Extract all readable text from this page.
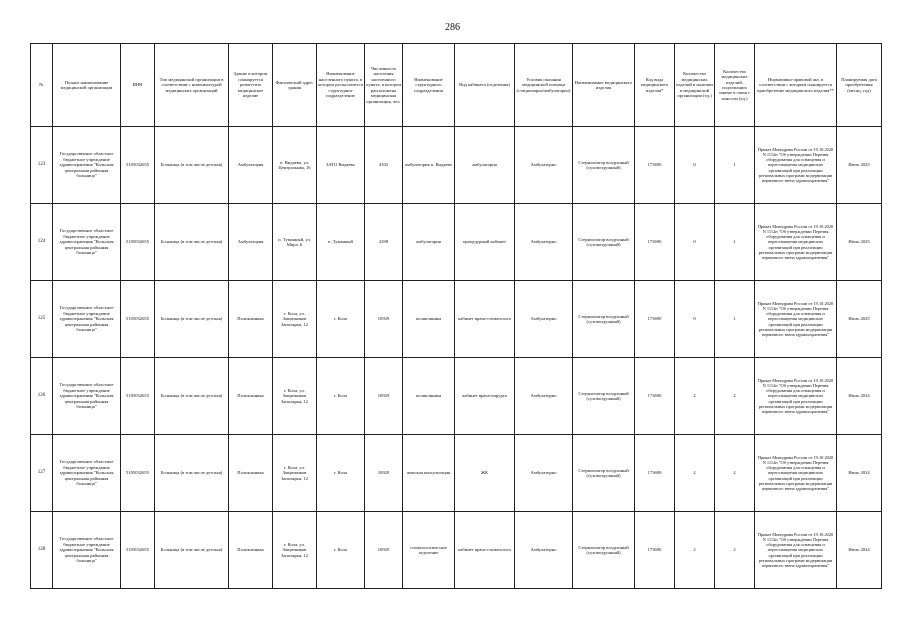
286
№	Полное наименование медицинской организации	ИНН	Тип медицинской организации в соответствии с номенклатурой медицинских организаций	Здание в котором планируется разместить медицинское изделие	Фактический адрес здания	Наименование населенного пункта, в котором располагается структурное подразделение	Численность населения населенного пункта, в котором расположена медицинская организация, чел.	Наименование структурного подразделения	Вид кабинета (отделения)	Условия оказания медицинской помощи (стационарно/амбулаторно)	Наименование медицинского изделия	Код вида медицинского изделия*	Количество медицинских изделий в наличии в медицинской организации (ед.)	Количество медицинских изделий, подлежащих замене в связи с износом (ед.)	Нормативно-правовой акт, в соответствии с которым планируется приобретение медицинского изделия**	Планируемая дата приобретения (месяц, год)
123	Государственное областное бюджетное учреждение здравоохранения "Кольская центральная районная больница"	5105032655	Больница (в том числе детская)	Амбулатория	п. Видяево, ул. Центральная, 16	ЗАТО Видяево	4103	амбулатория п. Видяево	амбулатория	Амбулаторно	Стерилизатор воздушный (суховоздушный)	173690	0	1	Приказ Минздрава России от 19.10.2020 N 1112н "Об утверждении Перечня оборудования для оснащения и переоснащения медицинских организаций при реализации региональных программ модернизации первичного звена здравоохранения"	Июль 2025
124	Государственное областное бюджетное учреждение здравоохранения "Кольская центральная районная больница"	5105032655	Больница (в том числе детская)	Амбулатория	п. Туманный, ул. Мира, 6	п. Туманный	2298	амбулатория	процедурный кабинет	Амбулаторно	Стерилизатор воздушный (суховоздушный)	173690	0	1	Приказ Минздрава России от 19.10.2020 N 1112н "Об утверждении Перечня оборудования для оснащения и переоснащения медицинских организаций при реализации региональных программ модернизации первичного звена здравоохранения"	Июль 2025
125	Государственное областное бюджетное учреждение здравоохранения "Кольская центральная районная больница"	5105032655	Больница (в том числе детская)	Поликлиника	г. Кола, ул. Защитников Заполярья, 12	г. Кола	10929	поликлиника	кабинет врача-стоматолога	Амбулаторно	Стерилизатор воздушный (суховоздушный)	173690	0	1	Приказ Минздрава России от 19.10.2020 N 1112н "Об утверждении Перечня оборудования для оснащения и переоснащения медицинских организаций при реализации региональных программ модернизации первичного звена здравоохранения"	Июль 2025
126	Государственное областное бюджетное учреждение здравоохранения "Кольская центральная районная больница"	5105032655	Больница (в том числе детская)	Поликлиника	г. Кола, ул. Защитников Заполярья, 12	г. Кола	10929	поликлиника	кабинет врача-хирурга	Амбулаторно	Стерилизатор воздушный (суховоздушный)	173690	2	2	Приказ Минздрава России от 19.10.2020 N 1112н "Об утверждении Перечня оборудования для оснащения и переоснащения медицинских организаций при реализации региональных программ модернизации первичного звена здравоохранения"	Июль 2024
127	Государственное областное бюджетное учреждение здравоохранения "Кольская центральная районная больница"	5105032655	Больница (в том числе детская)	Поликлиника	г. Кола, ул. Защитников Заполярья, 12	г. Кола	10929	женская консультация	ЖК	Амбулаторно	Стерилизатор воздушный (суховоздушный)	173690	2	2	Приказ Минздрава России от 19.10.2020 N 1112н "Об утверждении Перечня оборудования для оснащения и переоснащения медицинских организаций при реализации региональных программ модернизации первичного звена здравоохранения"	Июль 2024
128	Государственное областное бюджетное учреждение здравоохранения "Кольская центральная районная больница"	5105032655	Больница (в том числе детская)	Поликлиника	г. Кола, ул. Защитников Заполярья, 12	г. Кола	10929	стоматологическое отделение	кабинет врача-стоматолога	Амбулаторно	Стерилизатор воздушный (суховоздушный)	173690	2	2	Приказ Минздрава России от 19.10.2020 N 1112н "Об утверждении Перечня оборудования для оснащения и переоснащения медицинских организаций при реализации региональных программ модернизации первичного звена здравоохранения"	Июль 2024
